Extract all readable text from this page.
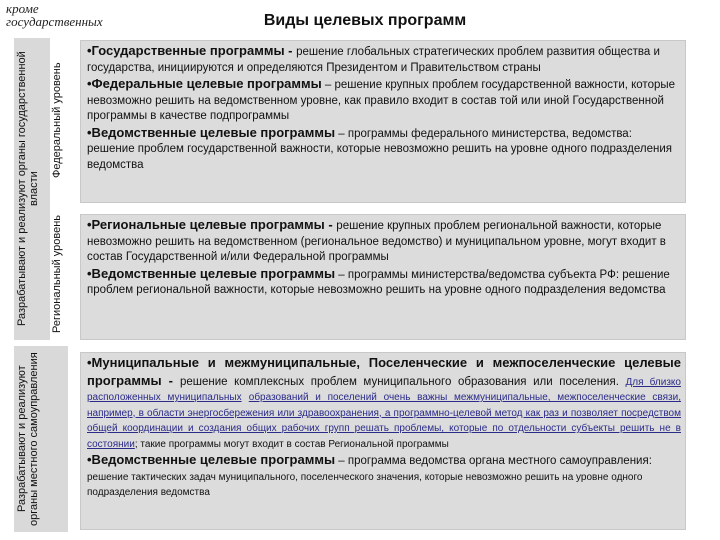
кроме
государственных	Виды целевых программ
Разрабатывают и реализуют органы государственной власти
Федеральный уровень
Региональный уровень
Разрабатывают и реализуют органы местного самоуправления

•Государственные программы - решение глобальных стратегических проблем развития общества и государства, инициируются и определяются Президентом и Правительством страны

•Федеральные целевые программы – решение крупных проблем государственной важности, которые невозможно решить на ведомственном уровне, как правило входит в состав той или иной Государственной программы в качестве подпрограммы

•Ведомственные целевые программы – программы федерального министерства, ведомства: решение проблем государственной важности, которые невозможно решить на уровне одного подразделения ведомства

•Региональные целевые программы - решение крупных проблем региональной важности, которые невозможно решить на ведомственном (региональное ведомство) и муниципальном уровне, могут входит в состав Государственной и/или Федеральной программы

•Ведомственные целевые программы – программы министерства/ведомства субъекта РФ: решение проблем региональной важности, которые невозможно решить на уровне одного подразделения ведомства

•Муниципальные и межмуниципальные, Поселенческие и межпоселенческие целевые программы - решение комплексных проблем муниципального образования или поселения. Для близко расположенных муниципальных образований и поселений очень важны межмуниципальные, межпоселенческие связи, например, в области энергосбережения или здравоохранения, а программно-целевой метод как раз и позволяет посредством общей координации и создания общих рабочих групп решать проблемы, которые по отдельности субъекты решить не в состоянии; такие программы могут входит в состав Региональной программы

•Ведомственные целевые программы – программа ведомства органа местного самоуправления: решение тактических задач муниципального, поселенческого значения, которые невозможно решить на уровне одного подразделения ведомства
